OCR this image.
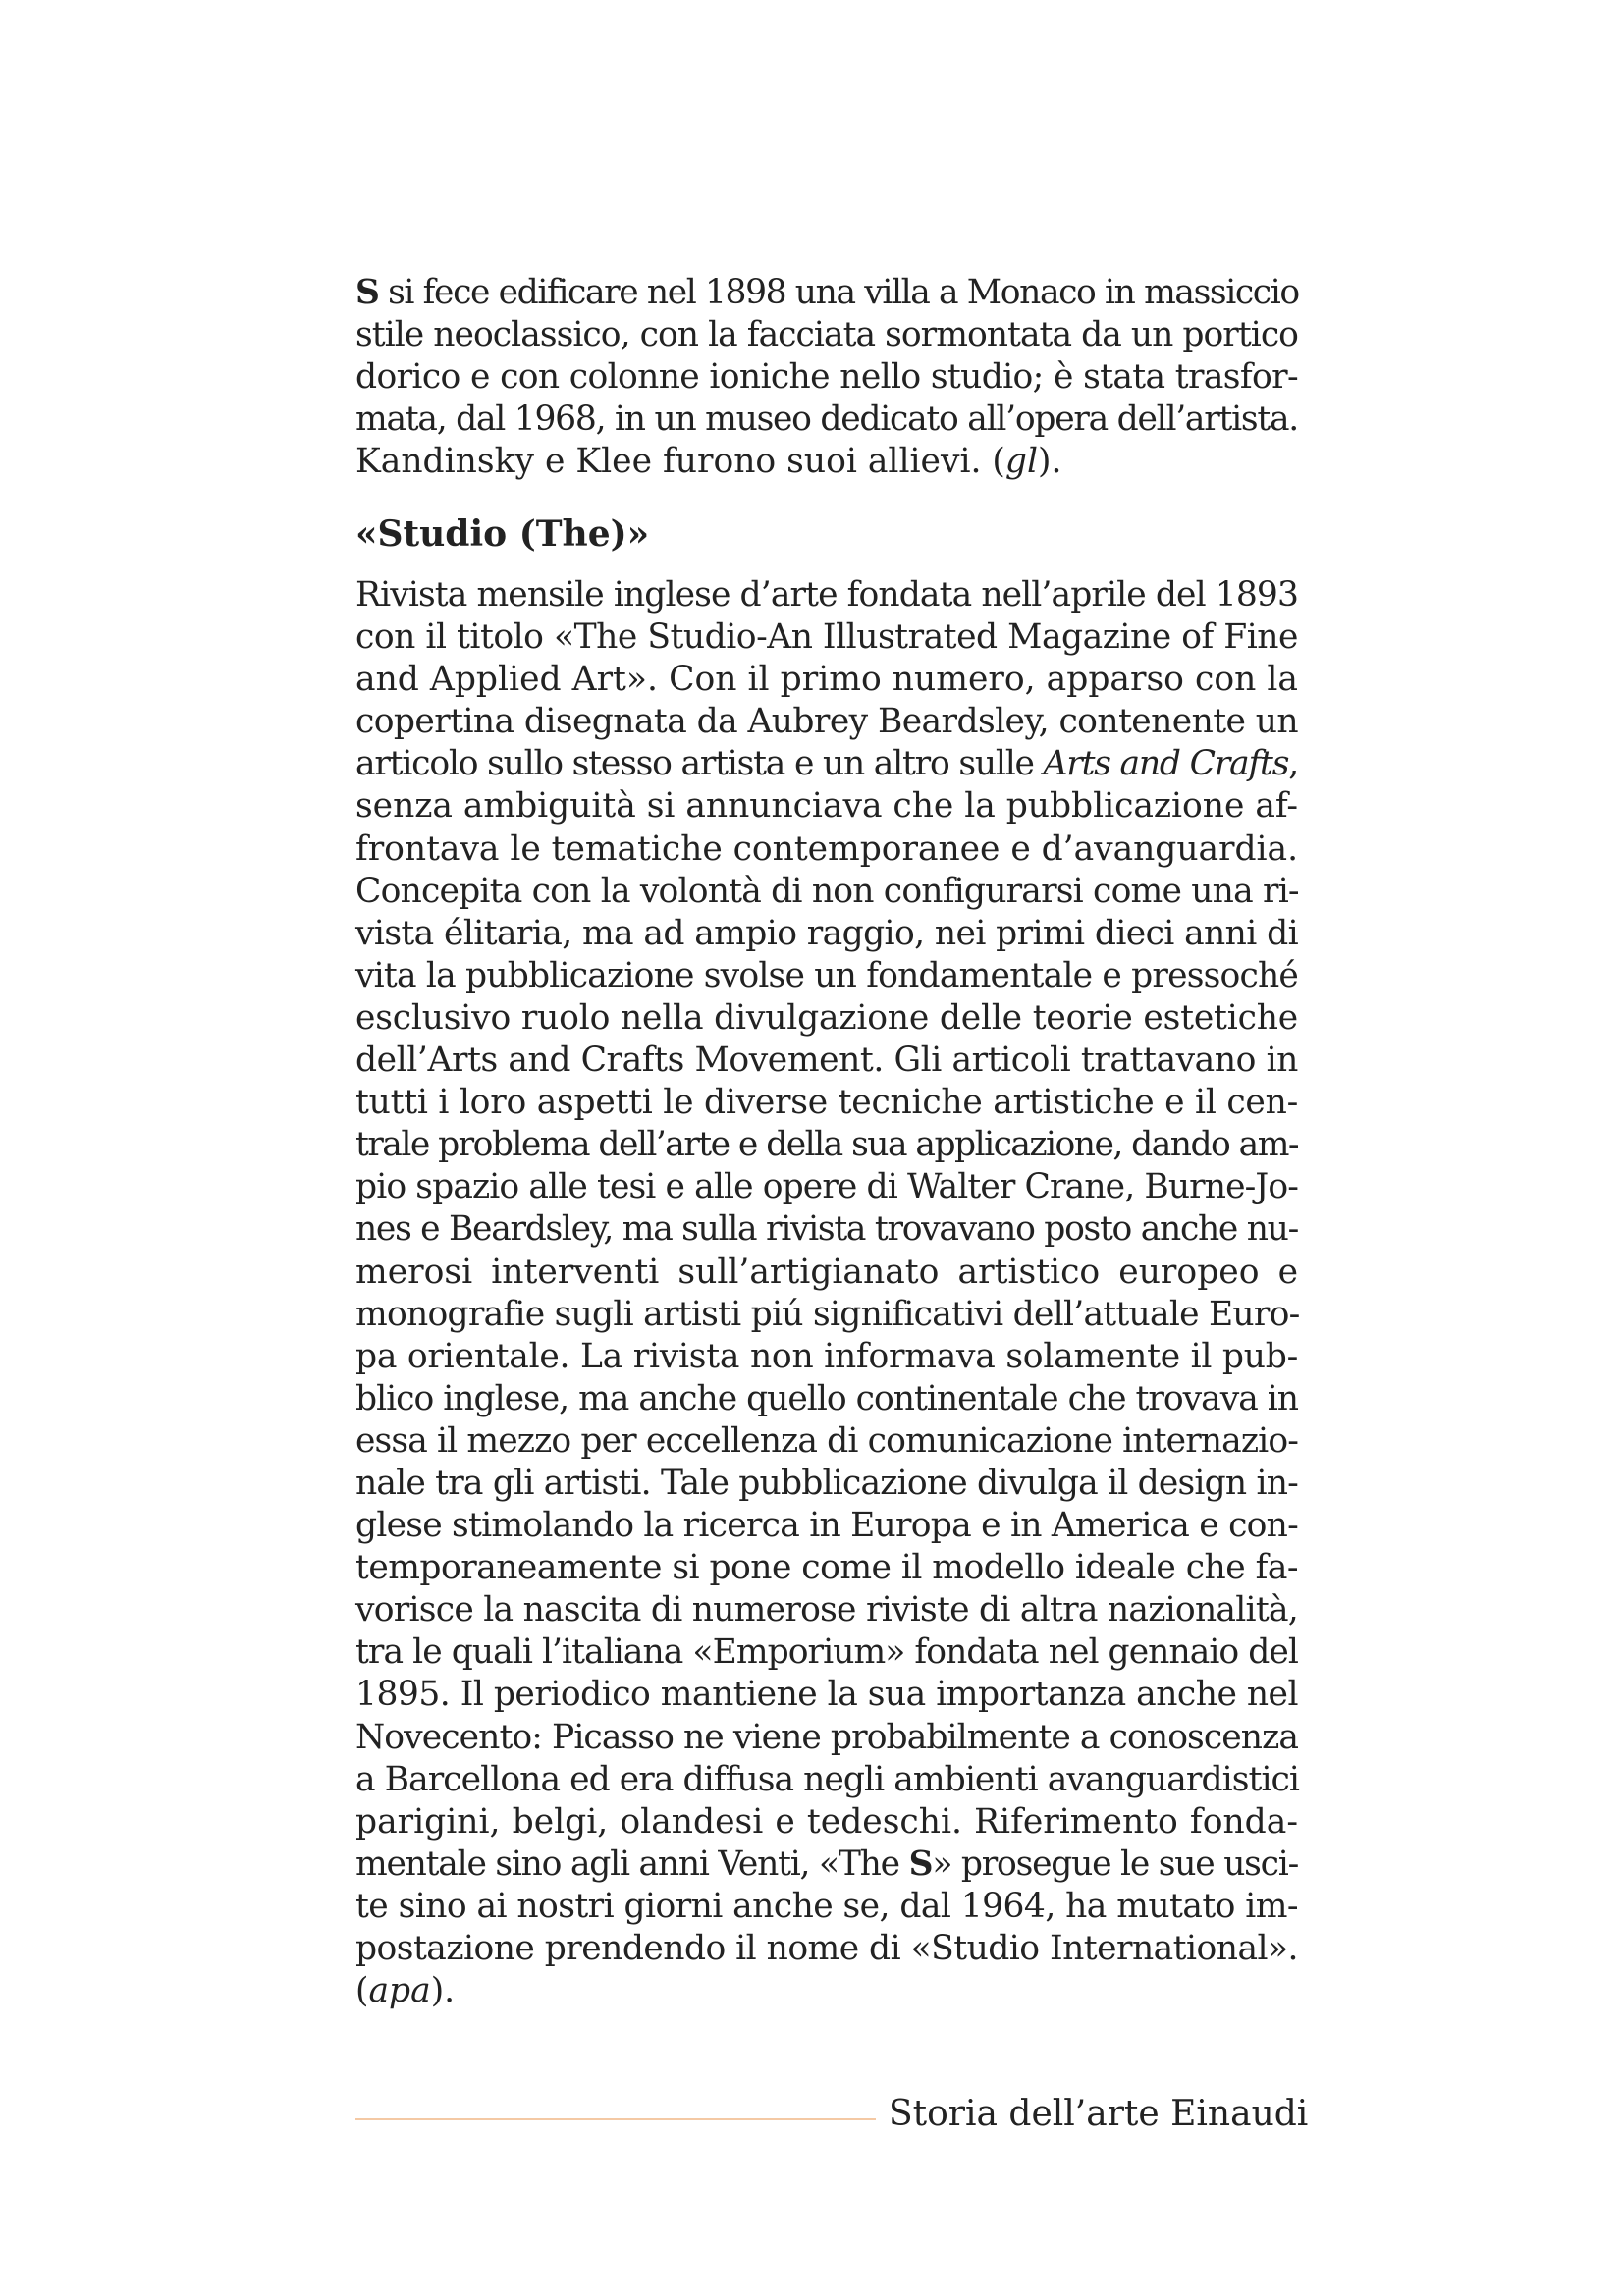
S si fece edificare nel 1898 una villa a Monaco in massiccio
stile neoclassico, con la facciata sormontata da un portico
dorico e con colonne ioniche nello studio; è stata trasfor-
mata, dal 1968, in un museo dedicato all’opera dell’artista.
Kandinsky e Klee furono suoi allievi. (gl).
«Studio (The)»
Rivista mensile inglese d’arte fondata nell’aprile del 1893
con il titolo «The Studio-An Illustrated Magazine of Fine
and Applied Art». Con il primo numero, apparso con la
copertina disegnata da Aubrey Beardsley, contenente un
articolo sullo stesso artista e un altro sulle Arts and Crafts,
senza ambiguità si annunciava che la pubblicazione af-
frontava le tematiche contemporanee e d’avanguardia.
Concepita con la volontà di non configurarsi come una ri-
vista élitaria, ma ad ampio raggio, nei primi dieci anni di
vita la pubblicazione svolse un fondamentale e pressoché
esclusivo ruolo nella divulgazione delle teorie estetiche
dell’Arts and Crafts Movement. Gli articoli trattavano in
tutti i loro aspetti le diverse tecniche artistiche e il cen-
trale problema dell’arte e della sua applicazione, dando am-
pio spazio alle tesi e alle opere di Walter Crane, Burne-Jo-
nes e Beardsley, ma sulla rivista trovavano posto anche nu-
merosi interventi sull’artigianato artistico europeo e
monografie sugli artisti piú significativi dell’attuale Euro-
pa orientale. La rivista non informava solamente il pub-
blico inglese, ma anche quello continentale che trovava in
essa il mezzo per eccellenza di comunicazione internazio-
nale tra gli artisti. Tale pubblicazione divulga il design in-
glese stimolando la ricerca in Europa e in America e con-
temporaneamente si pone come il modello ideale che fa-
vorisce la nascita di numerose riviste di altra nazionalità,
tra le quali l’italiana «Emporium» fondata nel gennaio del
1895. Il periodico mantiene la sua importanza anche nel
Novecento: Picasso ne viene probabilmente a conoscenza
a Barcellona ed era diffusa negli ambienti avanguardistici
parigini, belgi, olandesi e tedeschi. Riferimento fonda-
mentale sino agli anni Venti, «The S» prosegue le sue usci-
te sino ai nostri giorni anche se, dal 1964, ha mutato im-
postazione prendendo il nome di «Studio International».
(apa).
Storia dell’arte Einaudi
